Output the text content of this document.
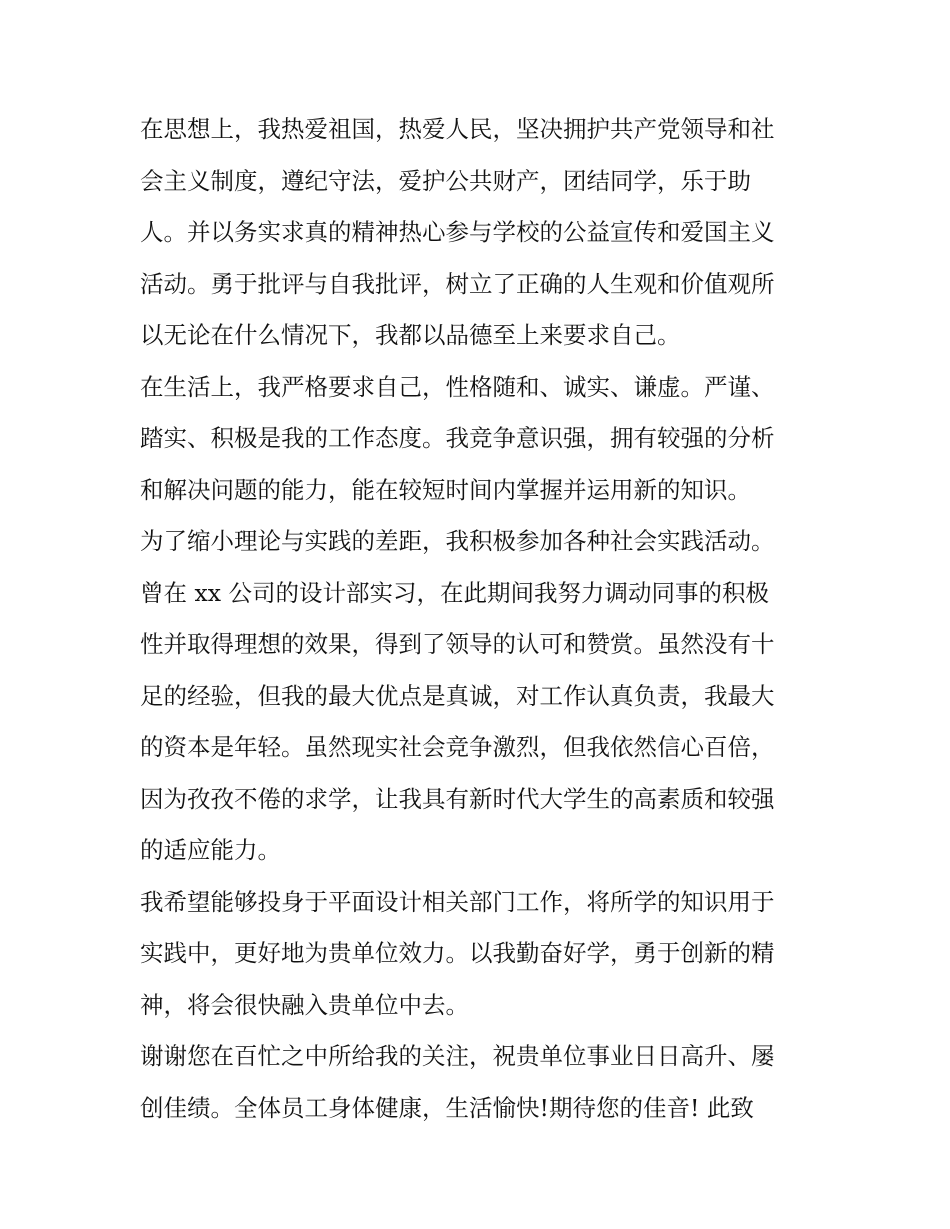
在思想上，我热爱祖国，热爱人民，坚决拥护共产党领导和社
会主义制度，遵纪守法，爱护公共财产，团结同学，乐于助
人。并以务实求真的精神热心参与学校的公益宣传和爱国主义
活动。勇于批评与自我批评，树立了正确的人生观和价值观所
以无论在什么情况下，我都以品德至上来要求自己。

在生活上，我严格要求自己，性格随和、诚实、谦虚。严谨、
踏实、积极是我的工作态度。我竞争意识强，拥有较强的分析
和解决问题的能力，能在较短时间内掌握并运用新的知识。

为了缩小理论与实践的差距，我积极参加各种社会实践活动。
曾在 xx 公司的设计部实习，在此期间我努力调动同事的积极
性并取得理想的效果，得到了领导的认可和赞赏。虽然没有十
足的经验，但我的最大优点是真诚，对工作认真负责，我最大
的资本是年轻。虽然现实社会竞争激烈，但我依然信心百倍，
因为孜孜不倦的求学，让我具有新时代大学生的高素质和较强
的适应能力。

我希望能够投身于平面设计相关部门工作，将所学的知识用于
实践中，更好地为贵单位效力。以我勤奋好学，勇于创新的精
神，将会很快融入贵单位中去。

谢谢您在百忙之中所给我的关注，祝贵单位事业日日高升、屡
创佳绩。全体员工身体健康，生活愉快!期待您的佳音! 此致
